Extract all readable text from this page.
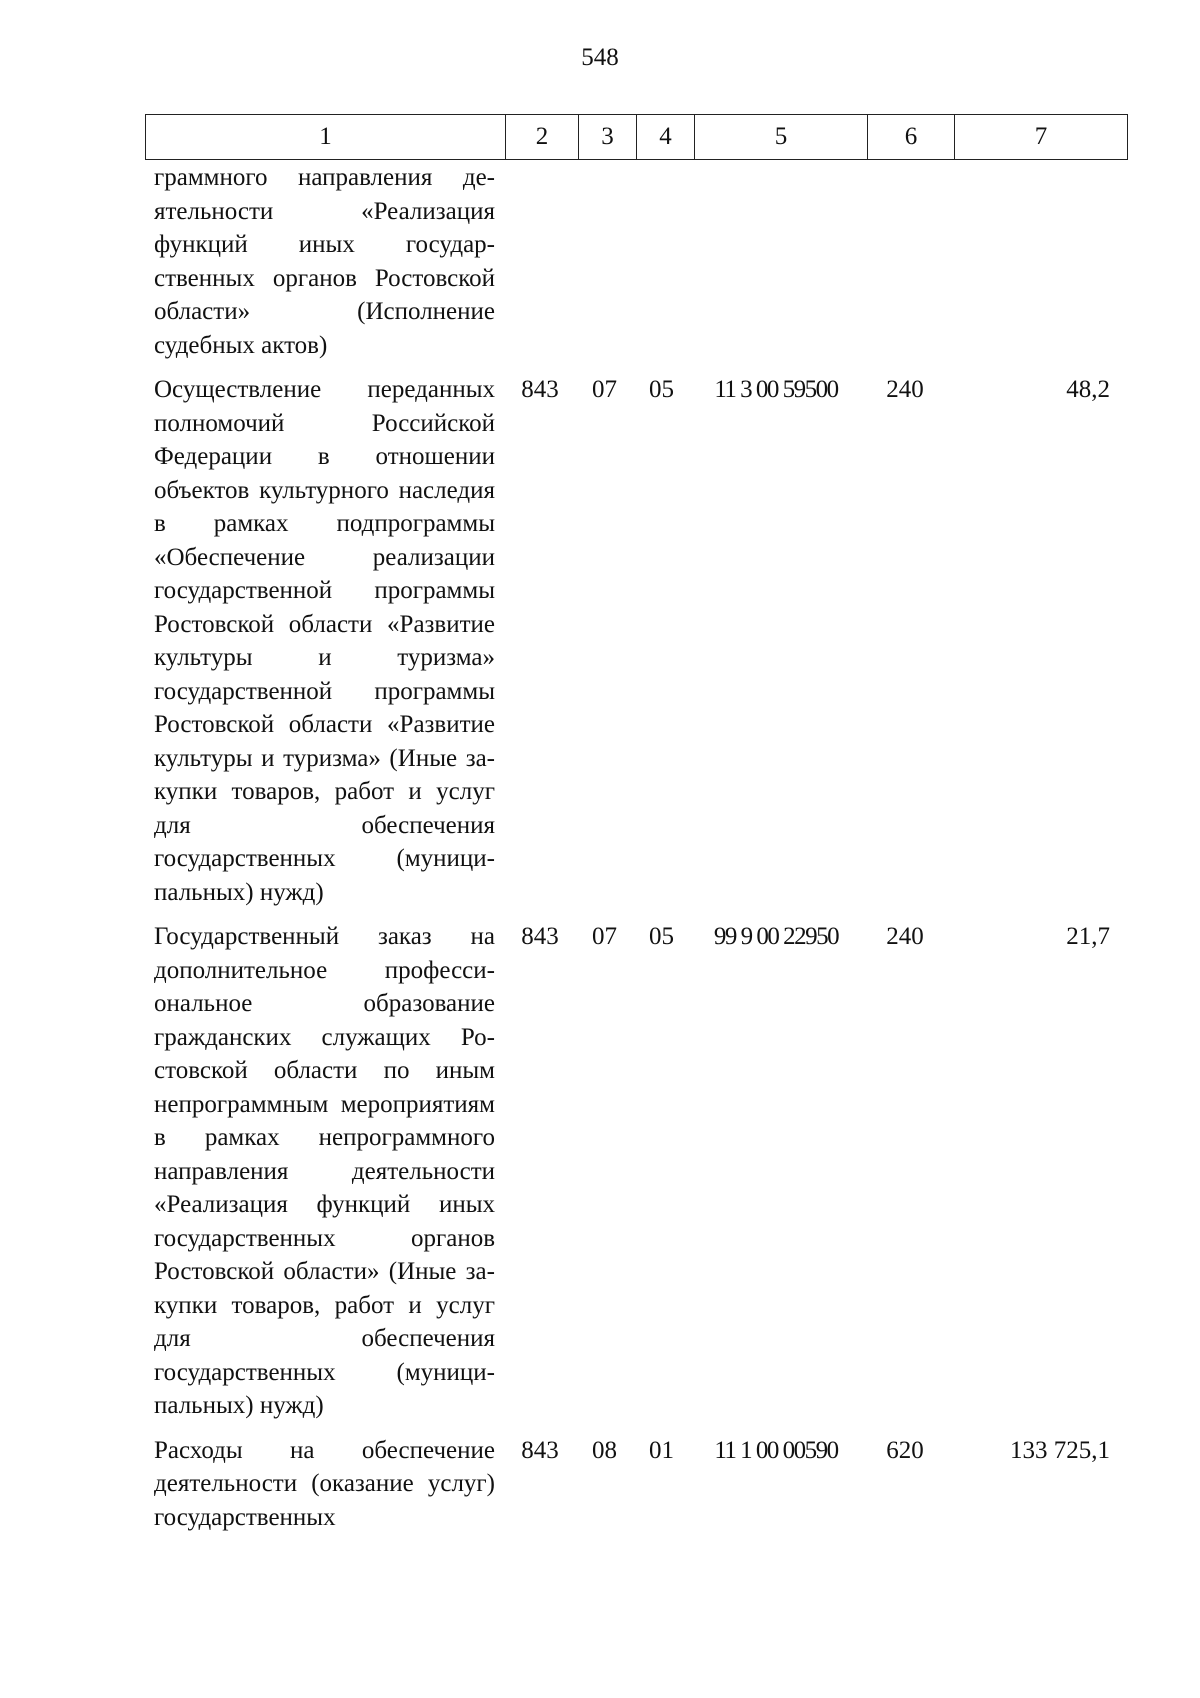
548
1	2	3	4	5	6	7
граммного направления деятельности «Реализация функций иных государственных органов Ростовской области» (Исполнение судебных актов)						
Осуществление переданных полномочий Российской Федерации в отношении объектов культурного наследия в рамках подпрограммы «Обеспечение реализации государственной программы Ростовской области «Развитие культуры и туризма» государственной программы Ростовской области «Развитие культуры и туризма» (Иные закупки товаров, работ и услуг для обеспечения государственных (муниципальных) нужд)	843	07	05	11 3 00 59500	240	48,2
Государственный заказ на дополнительное профессиональное образование гражданских служащих Ростовской области по иным непрограммным мероприятиям в рамках непрограммного направления деятельности «Реализация функций иных государственных органов Ростовской области» (Иные закупки товаров, работ и услуг для обеспечения государственных (муниципальных) нужд)	843	07	05	99 9 00 22950	240	21,7
Расходы на обеспечение деятельности (оказание услуг) государственных	843	08	01	11 1 00 00590	620	133 725,1
